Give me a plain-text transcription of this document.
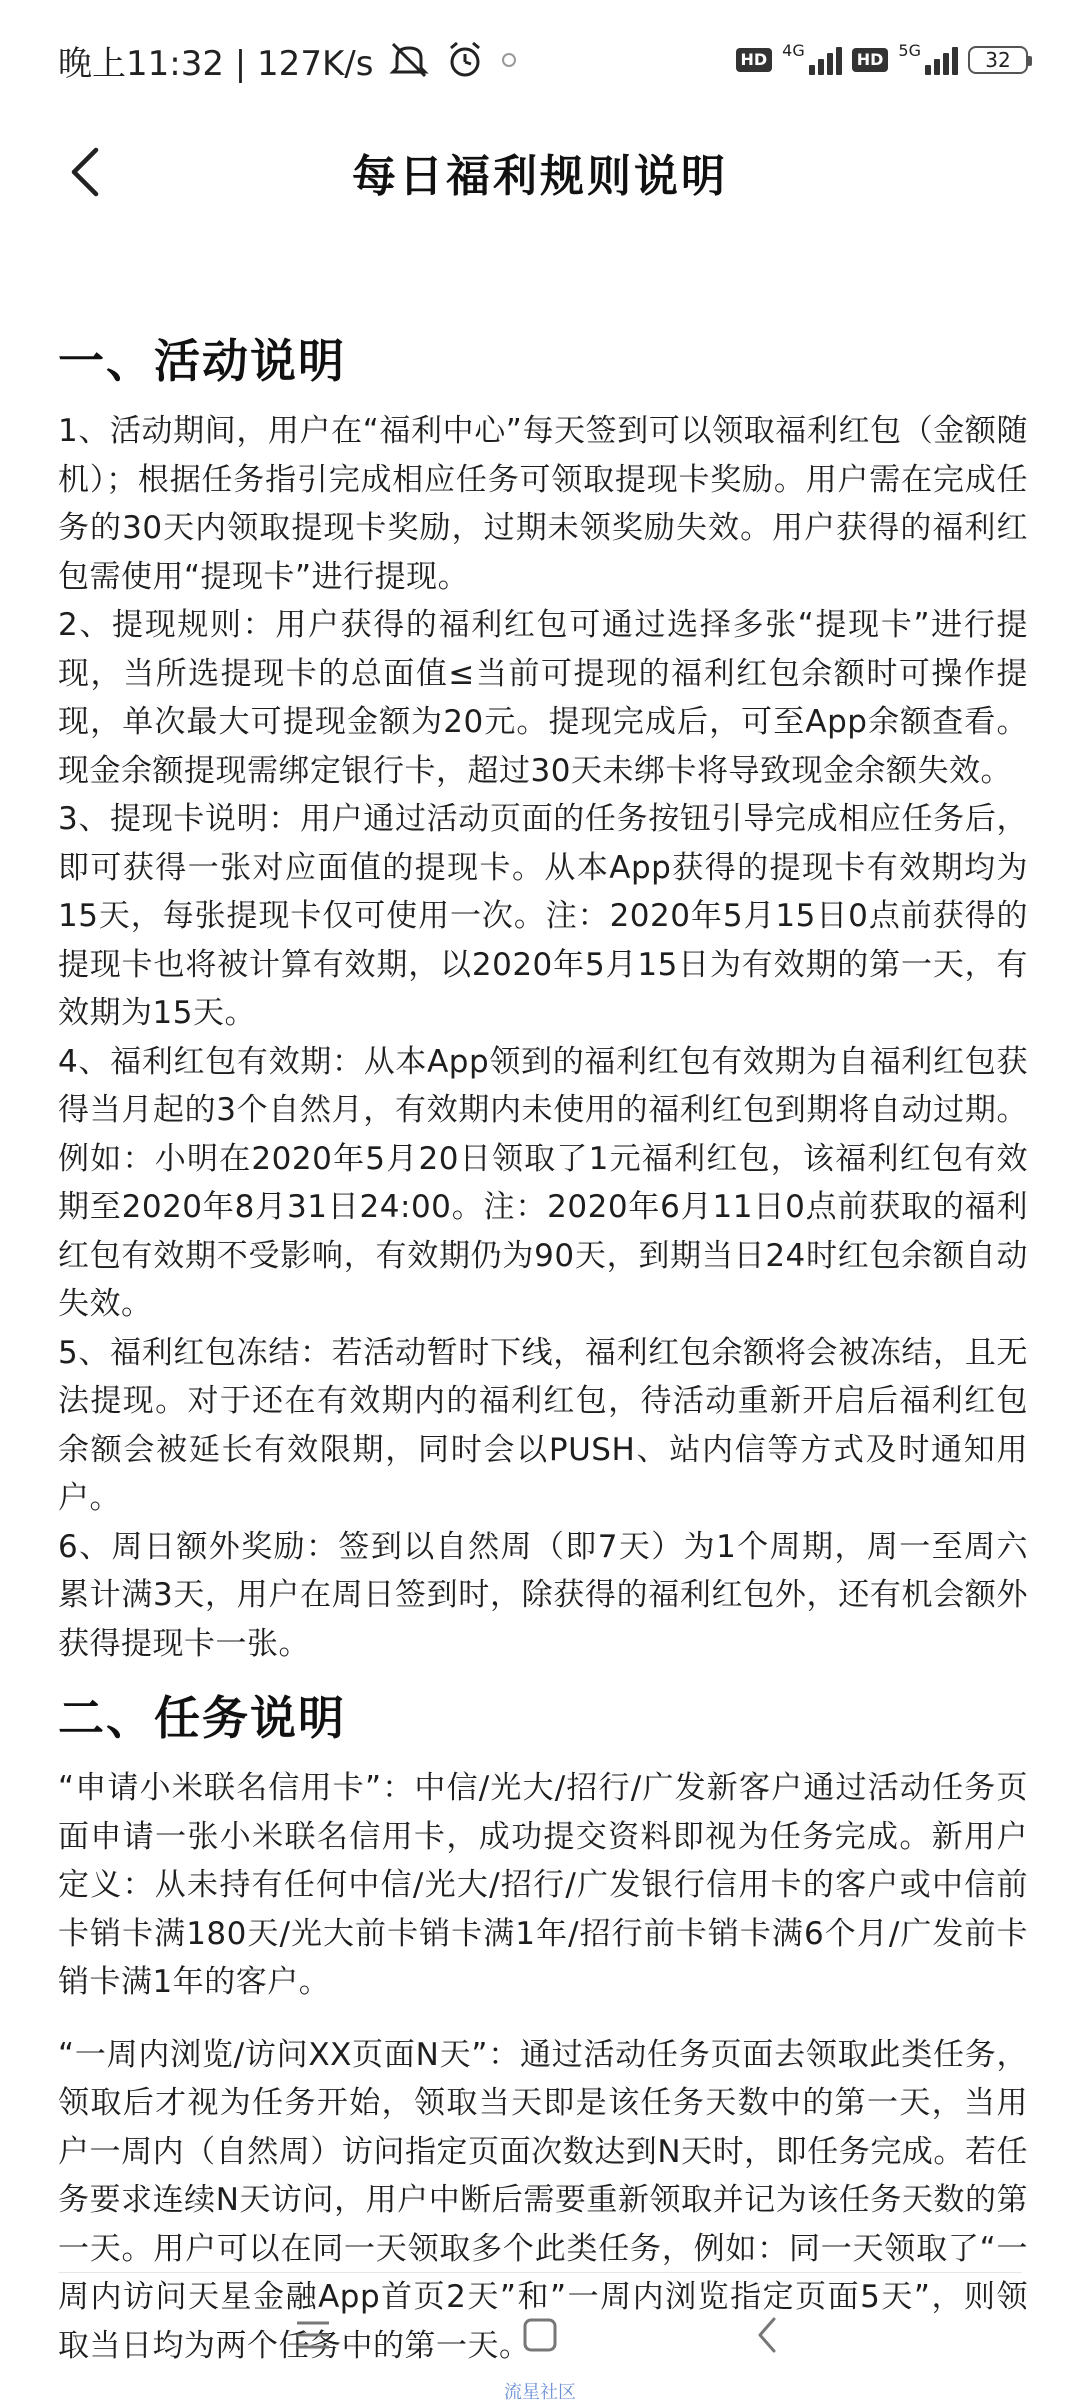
晚上11:32 | 127K/s	HD 4G	HD 5G	32
每日福利规则说明
一、活动说明

1、活动期间，用户在“福利中心”每天签到可以领取福利红包（金额随机）；根据任务指引完成相应任务可领取提现卡奖励。用户需在完成任务的30天内领取提现卡奖励，过期未领奖励失效。用户获得的福利红包需使用“提现卡”进行提现。

2、提现规则：用户获得的福利红包可通过选择多张“提现卡”进行提现，当所选提现卡的总面值≤当前可提现的福利红包余额时可操作提现，单次最大可提现金额为20元。提现完成后，可至App余额查看。现金余额提现需绑定银行卡，超过30天未绑卡将导致现金余额失效。

3、提现卡说明：用户通过活动页面的任务按钮引导完成相应任务后，即可获得一张对应面值的提现卡。从本App获得的提现卡有效期均为15天，每张提现卡仅可使用一次。注：2020年5月15日0点前获得的提现卡也将被计算有效期，以2020年5月15日为有效期的第一天，有效期为15天。

4、福利红包有效期：从本App领到的福利红包有效期为自福利红包获得当月起的3个自然月，有效期内未使用的福利红包到期将自动过期。例如：小明在2020年5月20日领取了1元福利红包，该福利红包有效期至2020年8月31日24:00。注：2020年6月11日0点前获取的福利红包有效期不受影响，有效期仍为90天，到期当日24时红包余额自动失效。

5、福利红包冻结：若活动暂时下线，福利红包余额将会被冻结，且无法提现。对于还在有效期内的福利红包，待活动重新开启后福利红包余额会被延长有效限期，同时会以PUSH、站内信等方式及时通知用户。

6、周日额外奖励：签到以自然周（即7天）为1个周期，周一至周六累计满3天，用户在周日签到时，除获得的福利红包外，还有机会额外获得提现卡一张。

二、任务说明

“申请小米联名信用卡”：中信/光大/招行/广发新客户通过活动任务页面申请一张小米联名信用卡，成功提交资料即视为任务完成。新用户定义：从未持有任何中信/光大/招行/广发银行信用卡的客户或中信前卡销卡满180天/光大前卡销卡满1年/招行前卡销卡满6个月/广发前卡销卡满1年的客户。

“一周内浏览/访问XX页面N天”：通过活动任务页面去领取此类任务，领取后才视为任务开始，领取当天即是该任务天数中的第一天，当用户一周内（自然周）访问指定页面次数达到N天时，即任务完成。若任务要求连续N天访问，用户中断后需要重新领取并记为该任务天数的第一天。用户可以在同一天领取多个此类任务，例如：同一天领取了“一周内访问天星金融App首页2天”和”一周内浏览指定页面5天”，则领取当日均为两个任务中的第一天。

流星社区
